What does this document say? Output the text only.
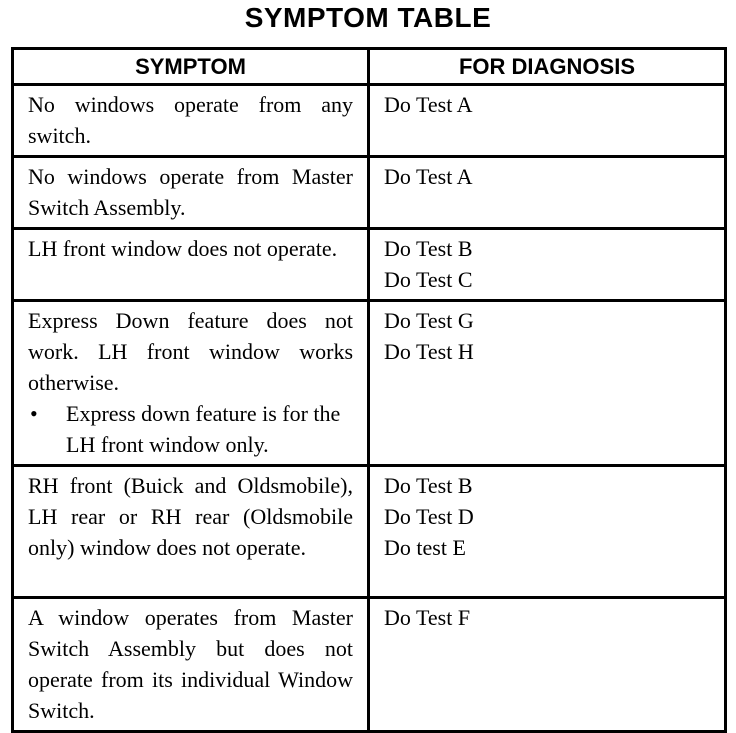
SYMPTOM TABLE
SYMPTOM	FOR DIAGNOSIS
No windows operate from any switch.	Do Test A

No windows operate from Master Switch Assembly.	Do Test A

LH front window does not operate.	Do Test B
Do Test C

Express Down feature does not work. LH front window works otherwise.
• Express down feature is for the LH front window only.	Do Test G
Do Test H

RH front (Buick and Oldsmobile), LH rear or RH rear (Oldsmobile only) window does not operate.	Do Test B
Do Test D
Do test E

A window operates from Master Switch Assembly but does not operate from its individual Window Switch.	Do Test F
